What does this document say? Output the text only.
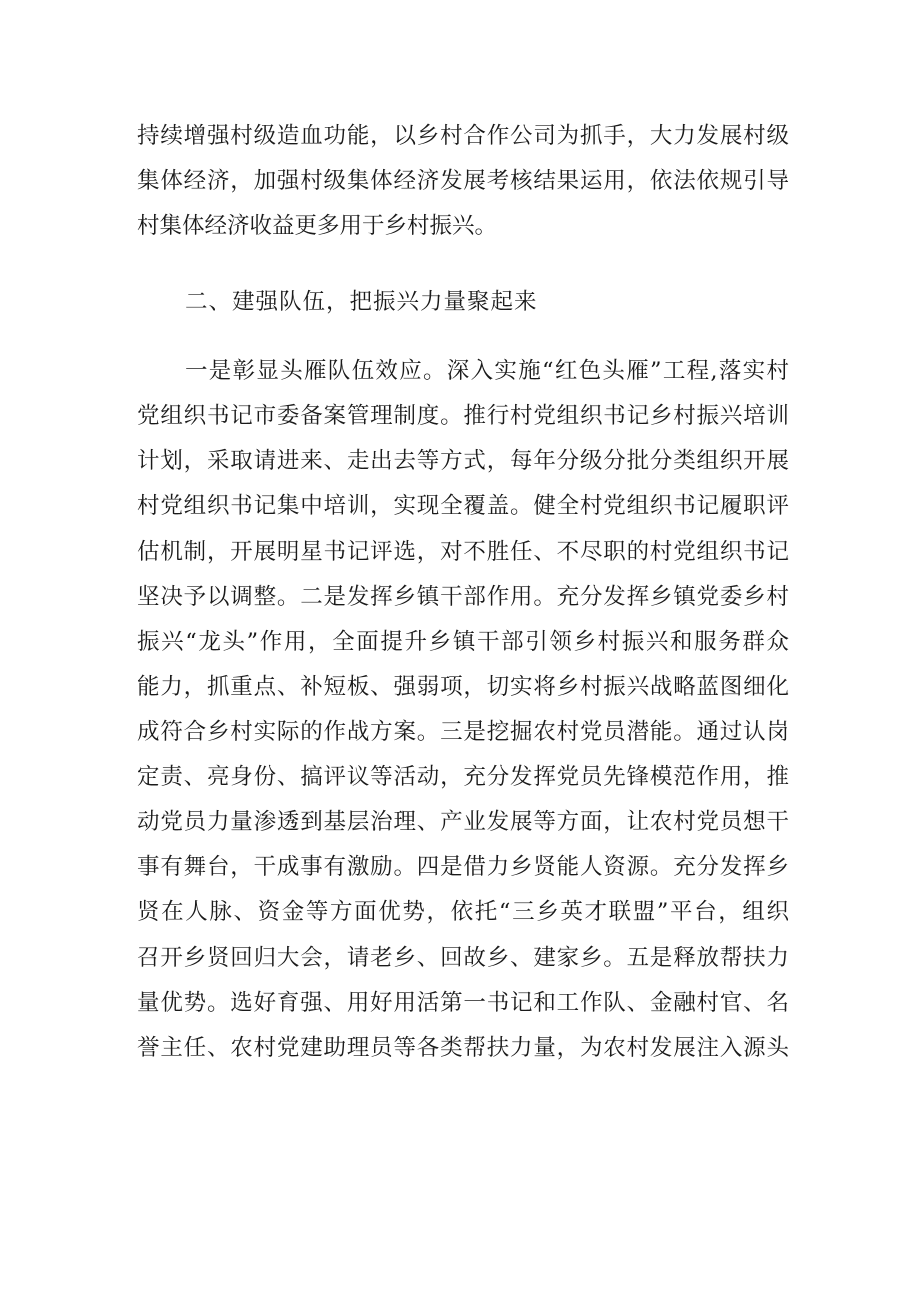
持续增强村级造血功能，以乡村合作公司为抓手，大力发展村级
集体经济，加强村级集体经济发展考核结果运用，依法依规引导
村集体经济收益更多用于乡村振兴。
二、建强队伍，把振兴力量聚起来
一是彰显头雁队伍效应。深入实施“红色头雁”工程,落实村
党组织书记市委备案管理制度。推行村党组织书记乡村振兴培训
计划，采取请进来、走出去等方式，每年分级分批分类组织开展
村党组织书记集中培训，实现全覆盖。健全村党组织书记履职评
估机制，开展明星书记评选，对不胜任、不尽职的村党组织书记
坚决予以调整。二是发挥乡镇干部作用。充分发挥乡镇党委乡村
振兴“龙头”作用，全面提升乡镇干部引领乡村振兴和服务群众
能力，抓重点、补短板、强弱项，切实将乡村振兴战略蓝图细化
成符合乡村实际的作战方案。三是挖掘农村党员潜能。通过认岗
定责、亮身份、搞评议等活动，充分发挥党员先锋模范作用，推
动党员力量渗透到基层治理、产业发展等方面，让农村党员想干
事有舞台，干成事有激励。四是借力乡贤能人资源。充分发挥乡
贤在人脉、资金等方面优势，依托“三乡英才联盟”平台，组织
召开乡贤回归大会，请老乡、回故乡、建家乡。五是释放帮扶力
量优势。选好育强、用好用活第一书记和工作队、金融村官、名
誉主任、农村党建助理员等各类帮扶力量，为农村发展注入源头
